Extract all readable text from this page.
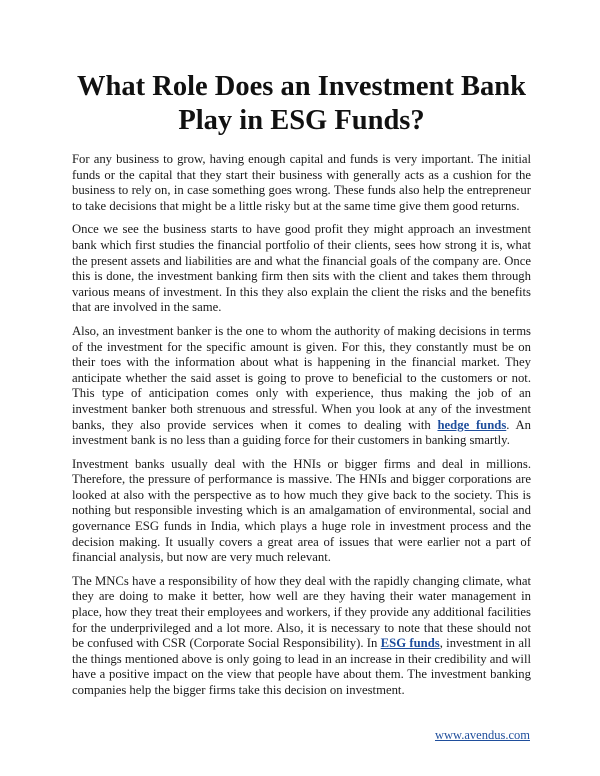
What Role Does an Investment Bank
Play in ESG Funds?

For any business to grow, having enough capital and funds is very important. The initial funds or the capital that they start their business with generally acts as a cushion for the business to rely on, in case something goes wrong. These funds also help the entrepreneur to take decisions that might be a little risky but at the same time give them good returns.

Once we see the business starts to have good profit they might approach an investment bank which first studies the financial portfolio of their clients, sees how strong it is, what the present assets and liabilities are and what the financial goals of the company are. Once this is done, the investment banking firm then sits with the client and takes them through various means of investment. In this they also explain the client the risks and the benefits that are involved in the same.

Also, an investment banker is the one to whom the authority of making decisions in terms of the investment for the specific amount is given. For this, they constantly must be on their toes with the information about what is happening in the financial market. They anticipate whether the said asset is going to prove to beneficial to the customers or not. This type of anticipation comes only with experience, thus making the job of an investment banker both strenuous and stressful. When you look at any of the investment banks, they also provide services when it comes to dealing with hedge funds. An investment bank is no less than a guiding force for their customers in banking smartly.

Investment banks usually deal with the HNIs or bigger firms and deal in millions. Therefore, the pressure of performance is massive. The HNIs and bigger corporations are looked at also with the perspective as to how much they give back to the society. This is nothing but responsible investing which is an amalgamation of environmental, social and governance ESG funds in India, which plays a huge role in investment process and the decision making. It usually covers a great area of issues that were earlier not a part of financial analysis, but now are very much relevant.

The MNCs have a responsibility of how they deal with the rapidly changing climate, what they are doing to make it better, how well are they having their water management in place, how they treat their employees and workers, if they provide any additional facilities for the underprivileged and a lot more. Also, it is necessary to note that these should not be confused with CSR (Corporate Social Responsibility). In ESG funds, investment in all the things mentioned above is only going to lead in an increase in their credibility and will have a positive impact on the view that people have about them. The investment banking companies help the bigger firms take this decision on investment.

www.avendus.com
